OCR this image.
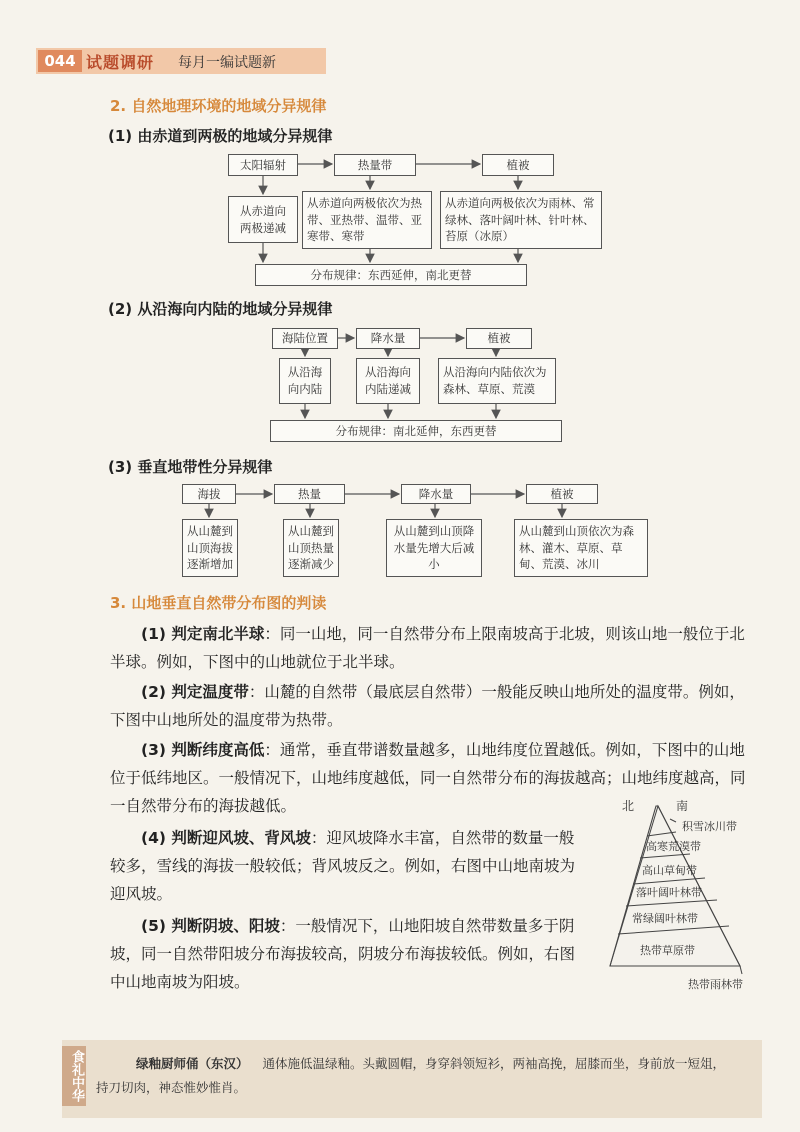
044 试题调研 每月一编试题新
2. 自然地理环境的地域分异规律
(1) 由赤道到两极的地域分异规律
太阳辐射	热量带	植被
从赤道向两极递减
从赤道向两极依次为热带、亚热带、温带、亚寒带、寒带
从赤道向两极依次为雨林、常绿林、落叶阔叶林、针叶林、苔原（冰原）
分布规律：东西延伸，南北更替
(2) 从沿海向内陆的地域分异规律
海陆位置	降水量	植被
从沿海向内陆
从沿海向内陆递减
从沿海向内陆依次为森林、草原、荒漠
分布规律：南北延伸，东西更替
(3) 垂直地带性分异规律
海拔	热量	降水量	植被
从山麓到山顶海拔逐渐增加
从山麓到山顶热量逐渐减少
从山麓到山顶降水量先增大后减小
从山麓到山顶依次为森林、灌木、草原、草甸、荒漠、冰川
3. 山地垂直自然带分布图的判读
(1) 判定南北半球：同一山地，同一自然带分布上限南坡高于北坡，则该山地一般位于北半球。例如，下图中的山地就位于北半球。
(2) 判定温度带：山麓的自然带（最底层自然带）一般能反映山地所处的温度带。例如，下图中山地所处的温度带为热带。
(3) 判断纬度高低：通常，垂直带谱数量越多，山地纬度位置越低。例如，下图中的山地位于低纬地区。一般情况下，山地纬度越低，同一自然带分布的海拔越高；山地纬度越高，同一自然带分布的海拔越低。
(4) 判断迎风坡、背风坡：迎风坡降水丰富，自然带的数量一般较多，雪线的海拔一般较低；背风坡反之。例如，右图中山地南坡为迎风坡。
(5) 判断阴坡、阳坡：一般情况下，山地阳坡自然带数量多于阴坡，同一自然带阳坡分布海拔较高，阴坡分布海拔较低。例如，右图中山地南坡为阳坡。
北	南
积雪冰川带
高寒荒漠带
高山草甸带
落叶阔叶林带
常绿阔叶林带
热带草原带
热带雨林带
食礼中华	绿釉厨师俑（东汉） 通体施低温绿釉。头戴圆帽，身穿斜领短衫，两袖高挽，屈膝而坐，身前放一短俎，持刀切肉，神态惟妙惟肖。
